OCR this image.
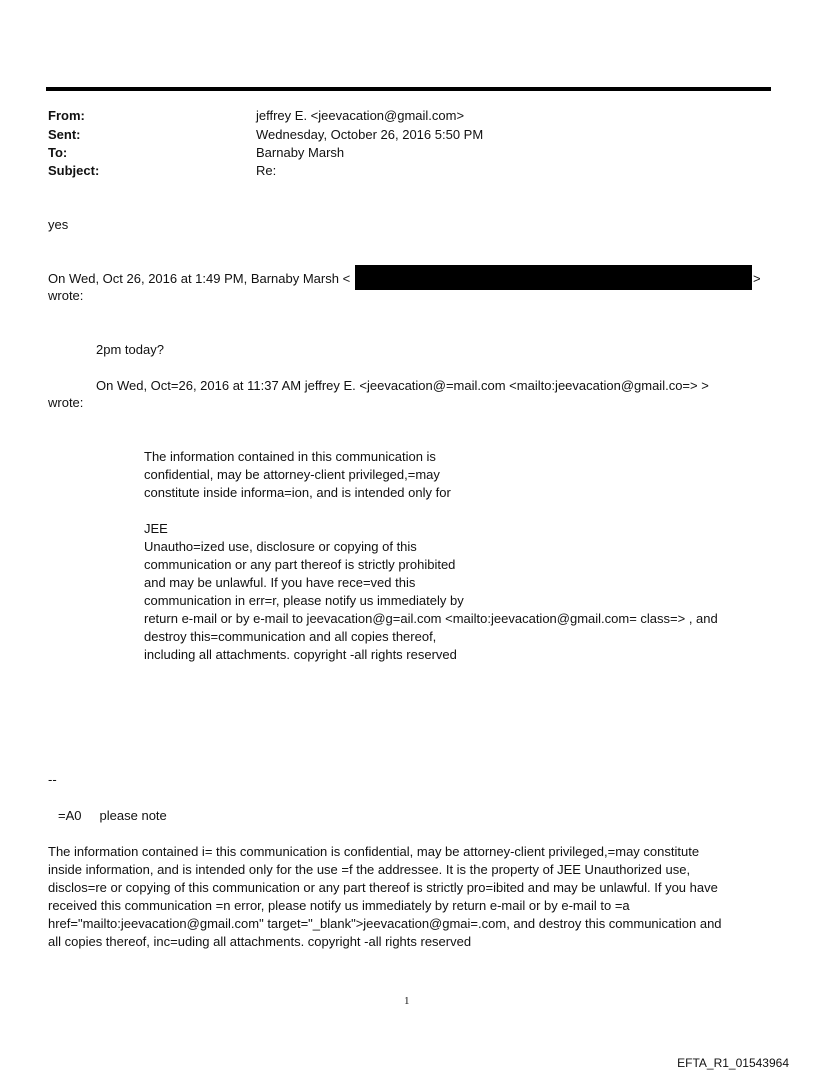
From:	jeffrey E. <jeevacation@gmail.com>
Sent:	Wednesday, October 26, 2016 5:50 PM
To:	Barnaby Marsh
Subject:	Re:
yes
On Wed, Oct 26, 2016 at 1:49 PM, Barnaby Marsh <	>
wrote:
2pm today?
On Wed, Oct=26, 2016 at 11:37 AM jeffrey E. <jeevacation@=mail.com <mailto:jeevacation@gmail.co=> >
wrote:
The information contained in this communication is
confidential, may be attorney-client privileged,=may
constitute inside informa=ion, and is intended only for
JEE
Unautho=ized use, disclosure or copying of this
communication or any part thereof is strictly prohibited
and may be unlawful. If you have rece=ved this
communication in err=r, please notify us immediately by
return e-mail or by e-mail to jeevacation@g=ail.com <mailto:jeevacation@gmail.com= class=> , and
destroy this=communication and all copies thereof,
including all attachments. copyright -all rights reserved
--
=A0     please note
The information contained i= this communication is confidential, may be attorney-client privileged,=may constitute
inside information, and is intended only for the use =f the addressee. It is the property of JEE Unauthorized use,
disclos=re or copying of this communication or any part thereof is strictly pro=ibited and may be unlawful. If you have
received this communication =n error, please notify us immediately by return e-mail or by e-mail to =a
href="mailto:jeevacation@gmail.com" target="_blank">jeevacation@gmai=.com, and destroy this communication and
all copies thereof, inc=uding all attachments. copyright -all rights reserved
1
EFTA_R1_01543964
